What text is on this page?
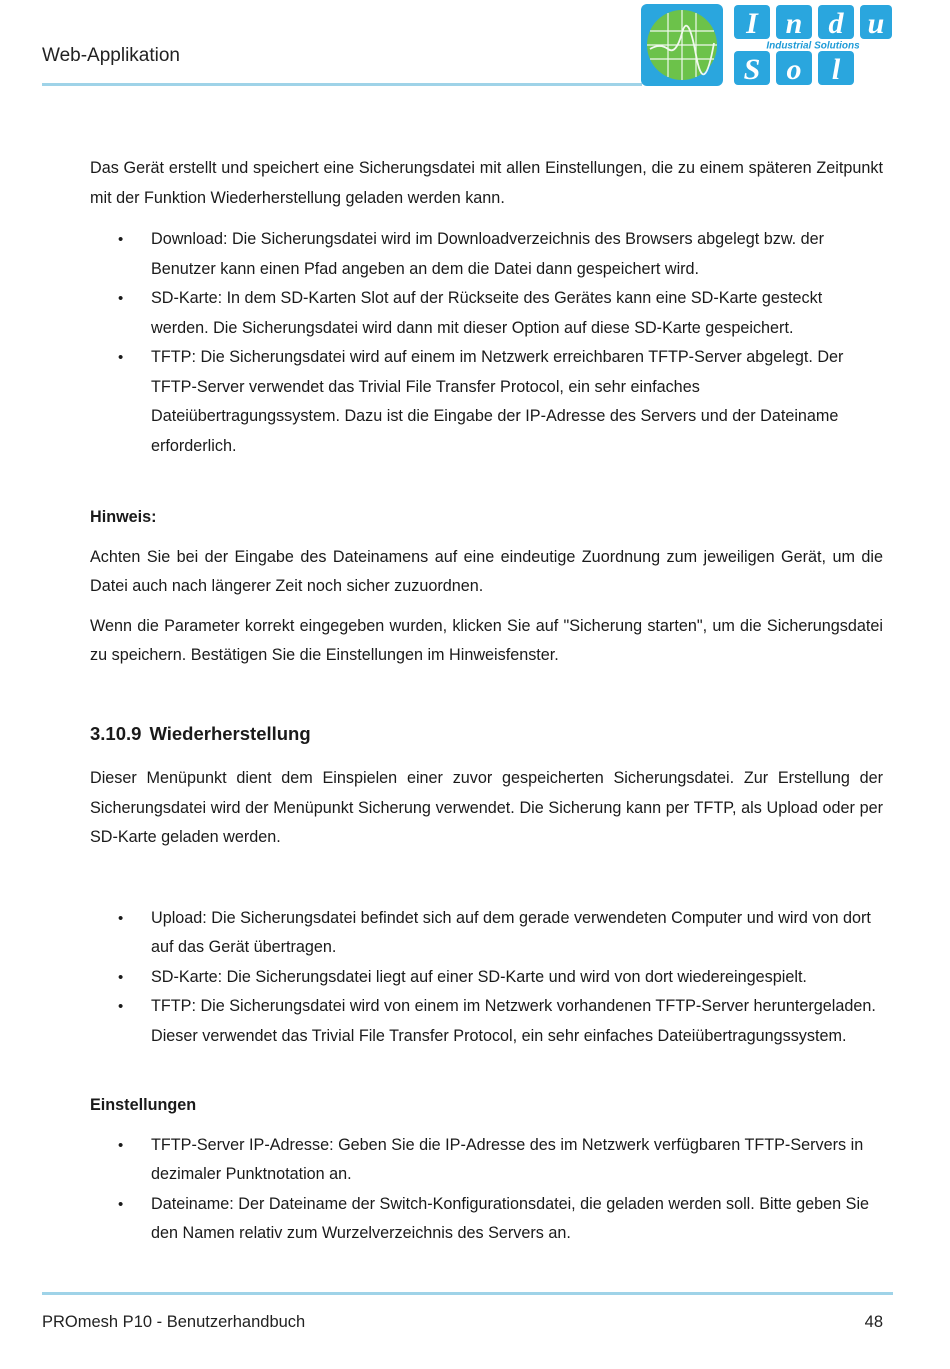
Web-Applikation
I n d u
S o l
Industrial Solutions

Das Gerät erstellt und speichert eine Sicherungsdatei mit allen Einstellungen, die zu einem späteren Zeitpunkt mit der Funktion Wiederherstellung geladen werden kann.

• Download: Die Sicherungsdatei wird im Downloadverzeichnis des Browsers abgelegt bzw. der Benutzer kann einen Pfad angeben an dem die Datei dann gespeichert wird.
• SD-Karte: In dem SD-Karten Slot auf der Rückseite des Gerätes kann eine SD-Karte gesteckt werden. Die Sicherungsdatei wird dann mit dieser Option auf diese SD-Karte gespeichert.
• TFTP: Die Sicherungsdatei wird auf einem im Netzwerk erreichbaren TFTP-Server abgelegt. Der TFTP-Server verwendet das Trivial File Transfer Protocol, ein sehr einfaches Dateiübertragungssystem. Dazu ist die Eingabe der IP-Adresse des Servers und der Dateiname erforderlich.

Hinweis:

Achten Sie bei der Eingabe des Dateinamens auf eine eindeutige Zuordnung zum jeweiligen Gerät, um die Datei auch nach längerer Zeit noch sicher zuzuordnen.

Wenn die Parameter korrekt eingegeben wurden, klicken Sie auf "Sicherung starten", um die Sicherungsdatei zu speichern. Bestätigen Sie die Einstellungen im Hinweisfenster.

3.10.9 Wiederherstellung

Dieser Menüpunkt dient dem Einspielen einer zuvor gespeicherten Sicherungsdatei. Zur Erstellung der Sicherungsdatei wird der Menüpunkt Sicherung verwendet. Die Sicherung kann per TFTP, als Upload oder per SD-Karte geladen werden.

• Upload: Die Sicherungsdatei befindet sich auf dem gerade verwendeten Computer und wird von dort auf das Gerät übertragen.
• SD-Karte: Die Sicherungsdatei liegt auf einer SD-Karte und wird von dort wiedereingespielt.
• TFTP: Die Sicherungsdatei wird von einem im Netzwerk vorhandenen TFTP-Server heruntergeladen. Dieser verwendet das Trivial File Transfer Protocol, ein sehr einfaches Dateiübertragungssystem.

Einstellungen

• TFTP-Server IP-Adresse: Geben Sie die IP-Adresse des im Netzwerk verfügbaren TFTP-Servers in dezimaler Punktnotation an.
• Dateiname: Der Dateiname der Switch-Konfigurationsdatei, die geladen werden soll. Bitte geben Sie den Namen relativ zum Wurzelverzeichnis des Servers an.
PROmesh P10 - Benutzerhandbuch	48
